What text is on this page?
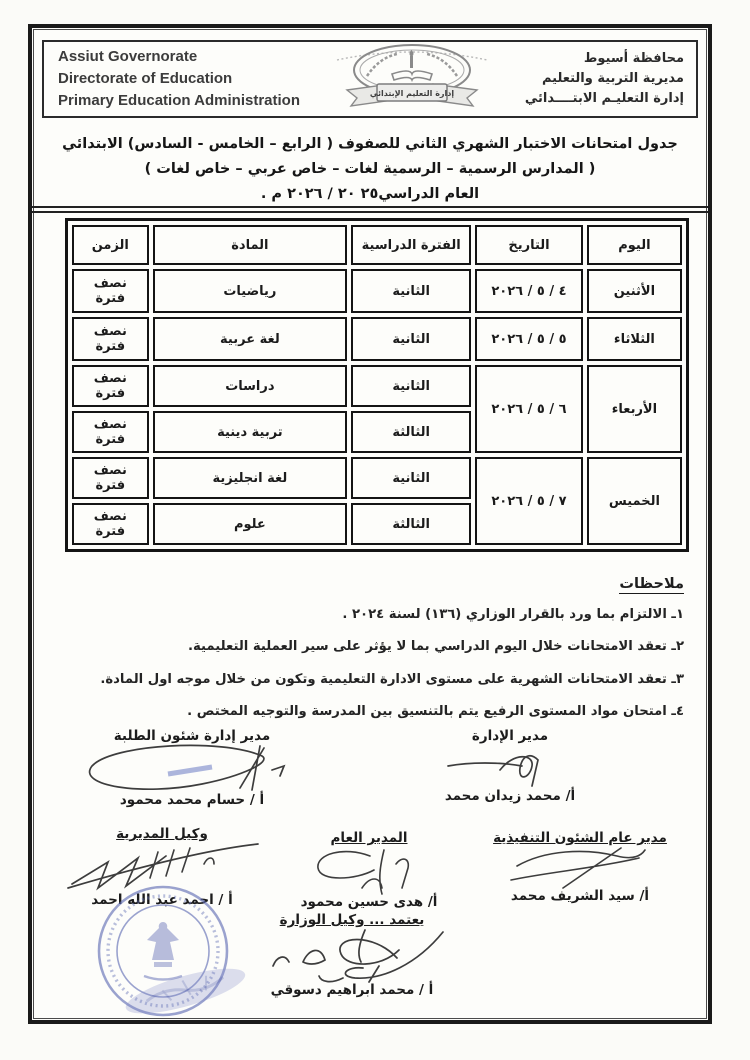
Assiut Governorate
Directorate of Education
Primary Education Administration	إدارة التعليم الإبتدائي
محافظة أسيوط
مديرية التربية والتعليم
إدارة التعليـم الابتــــدائي
جدول امتحانات الاختبار الشهري الثاني للصفوف ( الرابع – الخامس - السادس) الابتدائي
( المدارس الرسمية – الرسمية لغات – خاص عربي – خاص لغات )
العام الدراسي٢٥ ٢٠ / ٢٠٢٦ م .
اليوم	التاريخ	الفترة الدراسية	المادة	الزمن
الأثنين	٤ / ٥ / ٢٠٢٦	الثانية	رياضيات	نصف فترة
الثلاثاء	٥ / ٥ / ٢٠٢٦	الثانية	لغة عربية	نصف فترة
الأربعاء	٦ / ٥ / ٢٠٢٦	الثانية	دراسات	نصف فترة
		الثالثة	تربية دينية	نصف فترة
الخميس	٧ / ٥ / ٢٠٢٦	الثانية	لغة انجليزية	نصف فترة
		الثالثة	علوم	نصف فترة
ملاحظات
١ـ الالتزام بما ورد بالقرار الوزاري (١٣٦) لسنة ٢٠٢٤ .
٢ـ تعقد الامتحانات خلال اليوم الدراسي بما لا يؤثر على سير العملية التعليمية.
٣ـ تعقد الامتحانات الشهرية على مستوى الادارة التعليمية وتكون من خلال موجه اول المادة.
٤ـ امتحان مواد المستوى الرفيع يتم بالتنسيق بين المدرسة والتوجيه المختص .
مدير الإدارة
أ/ محمد زيدان محمد
مدير إدارة شئون الطلبة
أ / حسام محمد محمود
مدير عام الشئون التنفيذية
أ/ سيد الشريف محمد
المدير العام
أ/ هدى حسين محمود
وكيل المديرية
أ / احمد عبد الله احمد
يعتمد ... وكيل الوزارة
أ / محمد ابراهيم دسوقي
